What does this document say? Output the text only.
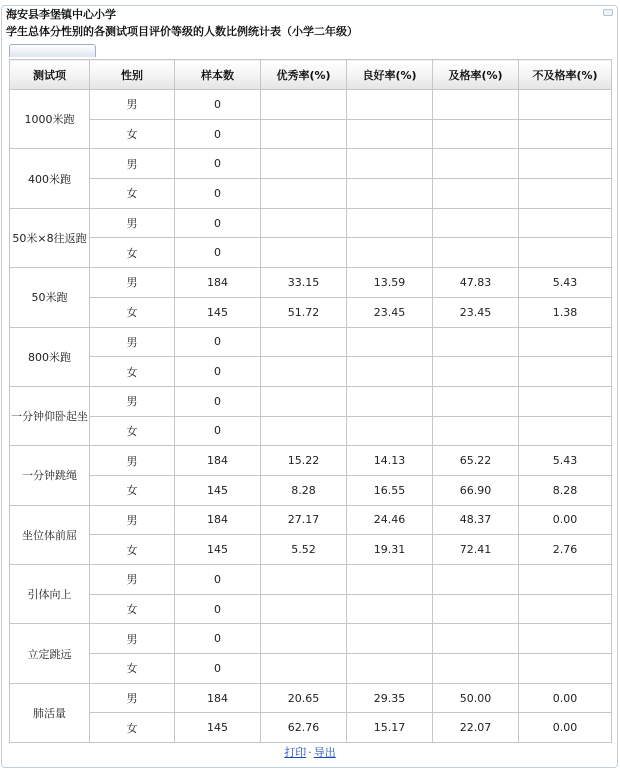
海安县李堡镇中心小学
学生总体分性别的各测试项目评价等级的人数比例统计表（小学二年级）
测试项	性别	样本数	优秀率(%)	良好率(%)	及格率(%)	不及格率(%)
1000米跑	男	0				
	女	0				
400米跑	男	0				
	女	0				
50米×8往返跑	男	0				
	女	0				
50米跑	男	184	33.15	13.59	47.83	5.43
	女	145	51.72	23.45	23.45	1.38
800米跑	男	0				
	女	0				
一分钟仰卧起坐	男	0				
	女	0				
一分钟跳绳	男	184	15.22	14.13	65.22	5.43
	女	145	8.28	16.55	66.90	8.28
坐位体前屈	男	184	27.17	24.46	48.37	0.00
	女	145	5.52	19.31	72.41	2.76
引体向上	男	0				
	女	0				
立定跳远	男	0				
	女	0				
肺活量	男	184	20.65	29.35	50.00	0.00
	女	145	62.76	15.17	22.07	0.00
打印 · 导出
